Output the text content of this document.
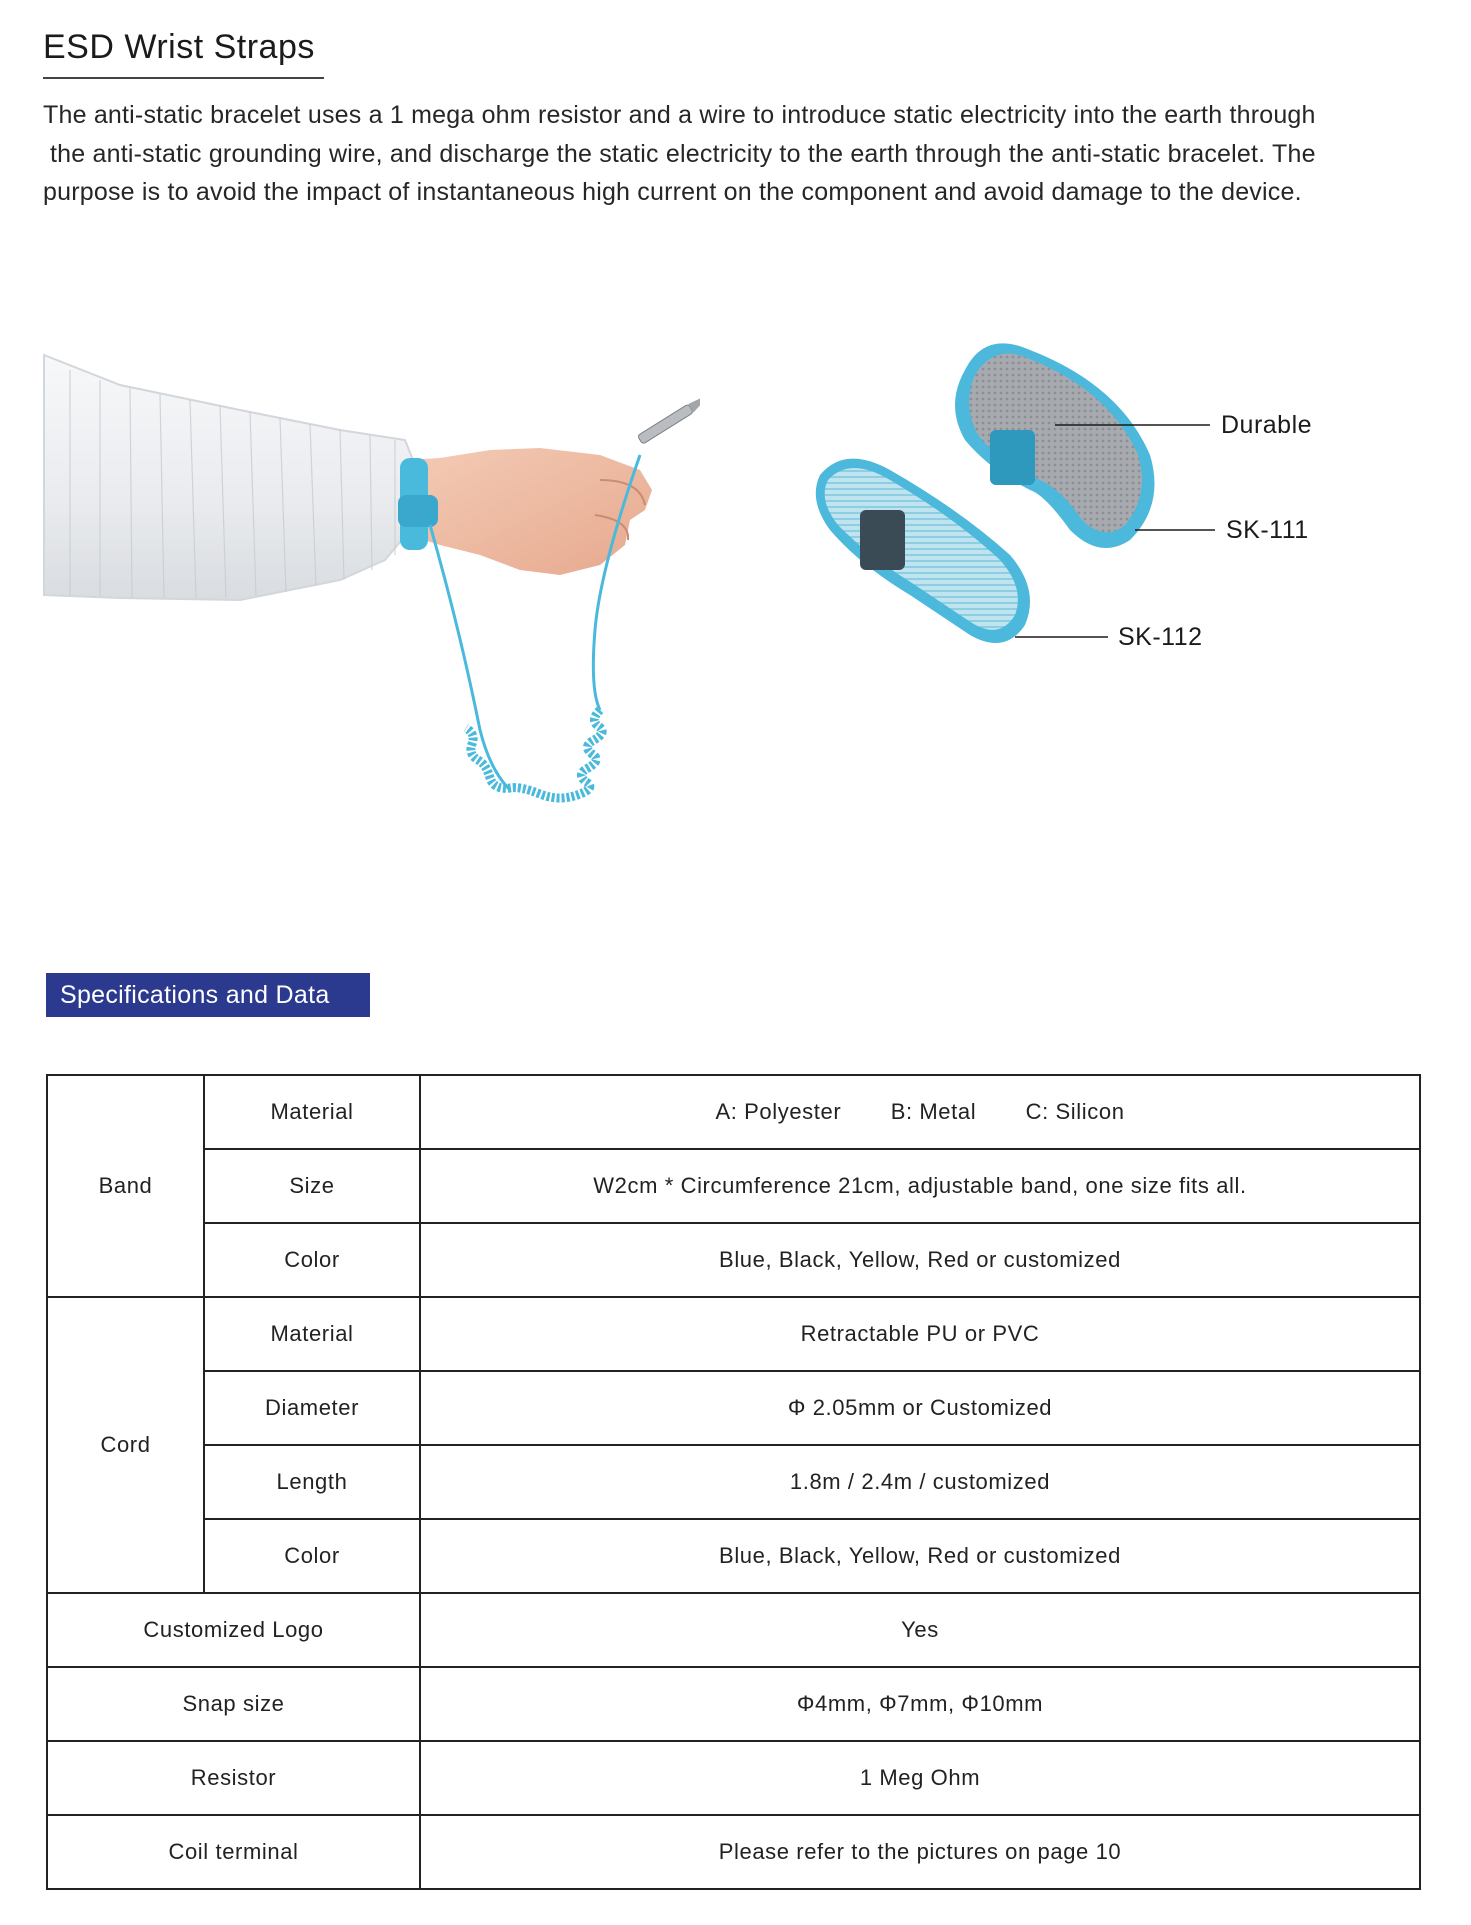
ESD Wrist Straps
The anti-static bracelet uses a 1 mega ohm resistor and a wire to introduce static electricity into the earth through
the anti-static grounding wire, and discharge the static electricity to the earth through the anti-static bracelet. The
purpose is to avoid the impact of instantaneous high current on the component and avoid damage to the device.
Durable
SK-111
SK-112
Specifications and Data
Band	Material	A: Polyester B: Metal C: Silicon
	Size	W2cm * Circumference 21cm, adjustable band, one size fits all.
	Color	Blue, Black, Yellow, Red or customized
Cord	Material	Retractable PU or PVC
	Diameter	Φ 2.05mm or Customized
	Length	1.8m / 2.4m / customized
	Color	Blue, Black, Yellow, Red or customized
Customized Logo		Yes
Snap size		Φ4mm, Φ7mm, Φ10mm
Resistor		1 Meg Ohm
Coil terminal		Please refer to the pictures on page 10
